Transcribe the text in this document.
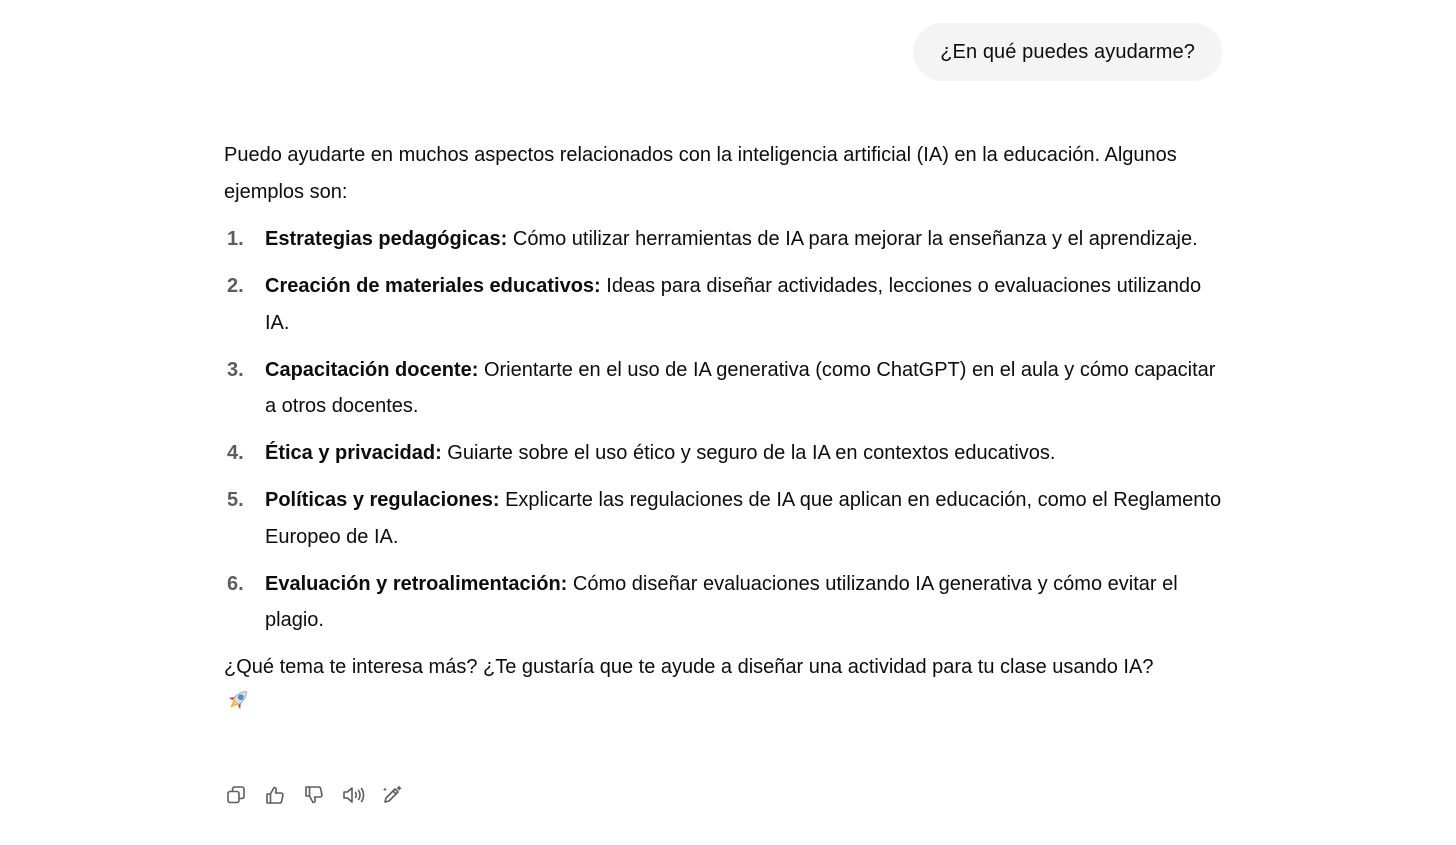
¿En qué puedes ayudarme?

Puedo ayudarte en muchos aspectos relacionados con la inteligencia artificial (IA) en la educación. Algunos ejemplos son:

1.	Estrategias pedagógicas: Cómo utilizar herramientas de IA para mejorar la enseñanza y el aprendizaje.
2.	Creación de materiales educativos: Ideas para diseñar actividades, lecciones o evaluaciones utilizando IA.
3.	Capacitación docente: Orientarte en el uso de IA generativa (como ChatGPT) en el aula y cómo capacitar a otros docentes.
4.	Ética y privacidad: Guiarte sobre el uso ético y seguro de la IA en contextos educativos.
5.	Políticas y regulaciones: Explicarte las regulaciones de IA que aplican en educación, como el Reglamento Europeo de IA.
6.	Evaluación y retroalimentación: Cómo diseñar evaluaciones utilizando IA generativa y cómo evitar el plagio.

¿Qué tema te interesa más? ¿Te gustaría que te ayude a diseñar una actividad para tu clase usando IA?
